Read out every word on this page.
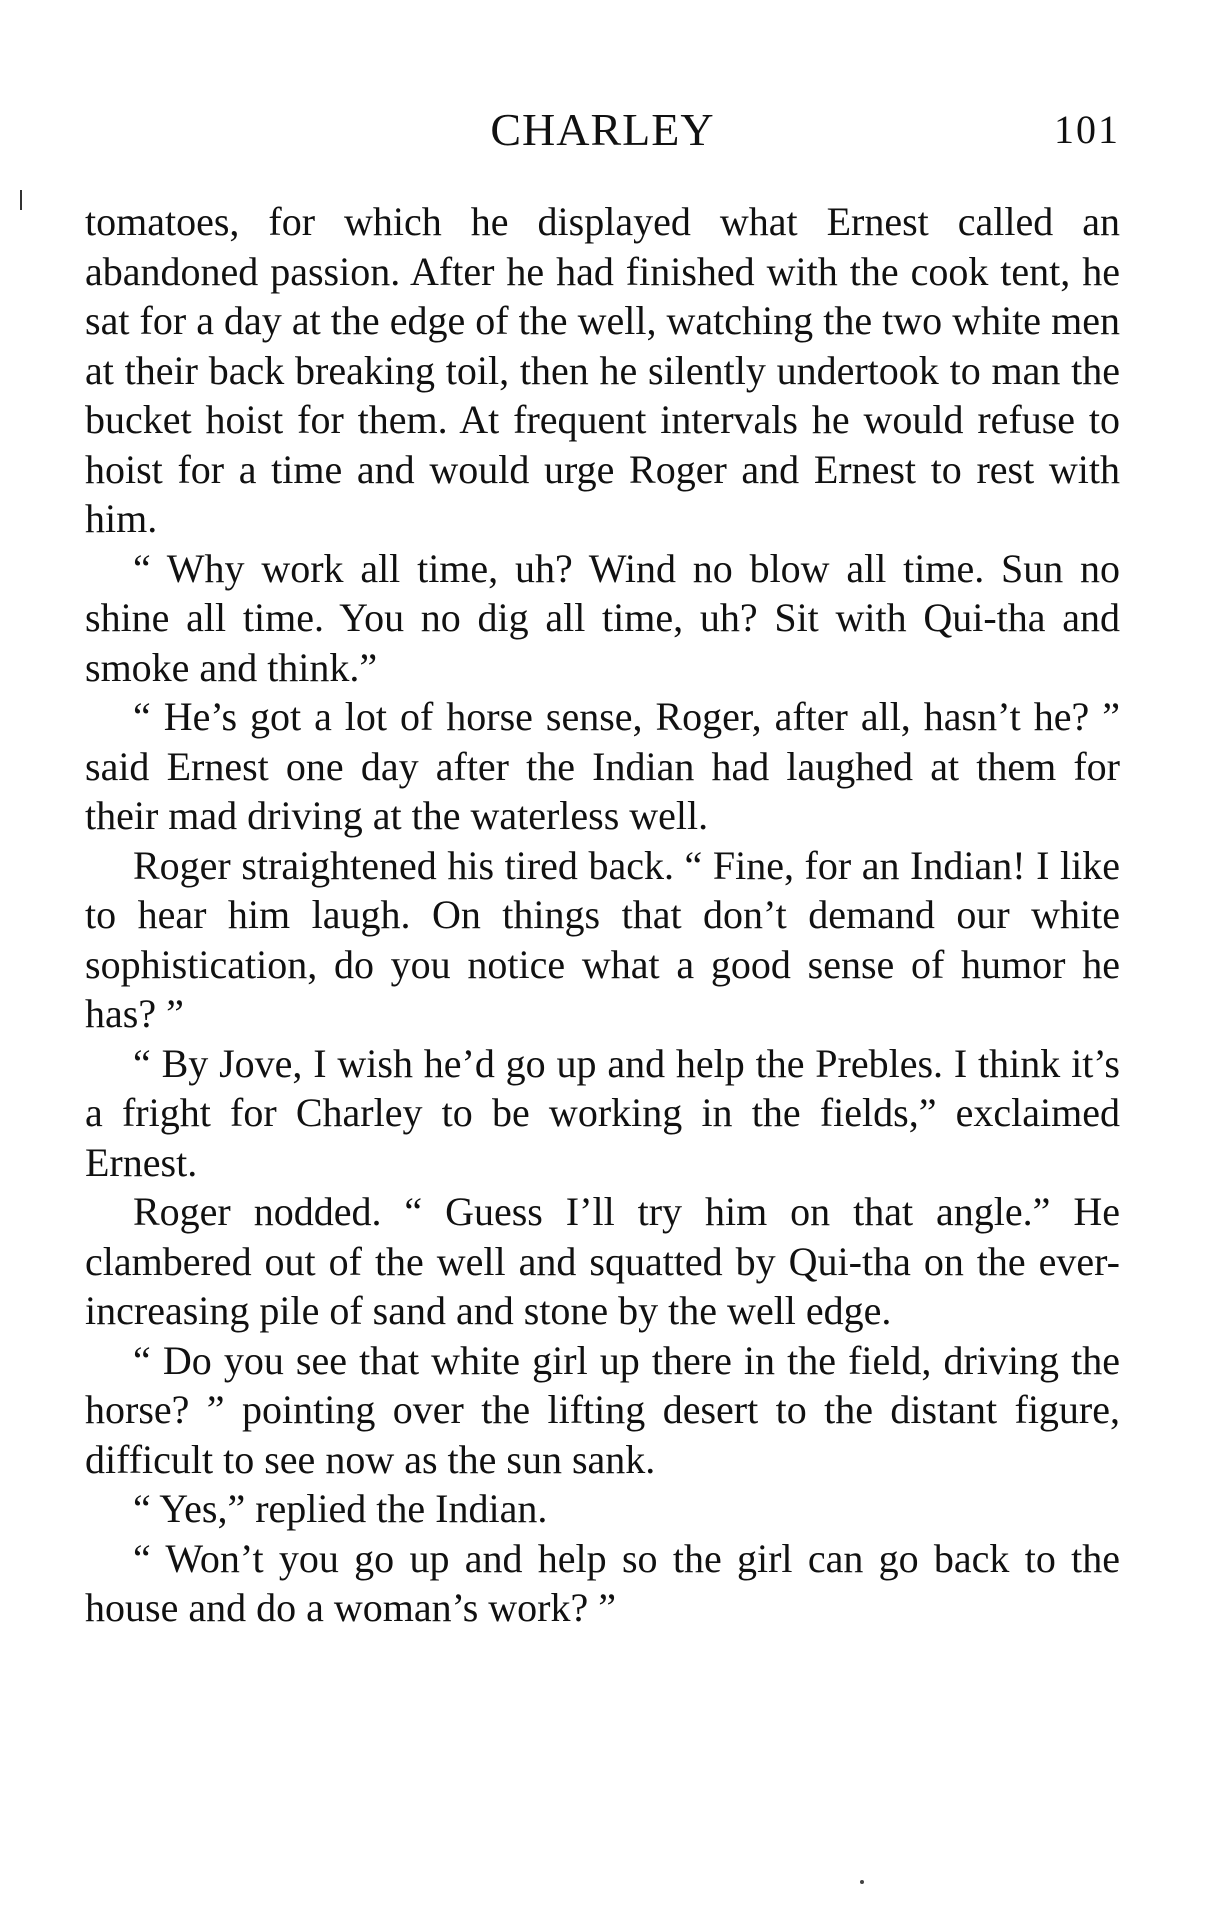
CHARLEY	101

tomatoes, for which he displayed what Ernest called an abandoned passion. After he had finished with the cook tent, he sat for a day at the edge of the well, watching the two white men at their back breaking toil, then he silently undertook to man the bucket hoist for them. At frequent intervals he would refuse to hoist for a time and would urge Roger and Ernest to rest with him.

“ Why work all time, uh? Wind no blow all time. Sun no shine all time. You no dig all time, uh? Sit with Qui-tha and smoke and think.”

“ He’s got a lot of horse sense, Roger, after all, hasn’t he? ” said Ernest one day after the Indian had laughed at them for their mad driving at the waterless well.

Roger straightened his tired back. “ Fine, for an Indian! I like to hear him laugh. On things that don’t demand our white sophistication, do you notice what a good sense of humor he has? ”

“ By Jove, I wish he’d go up and help the Prebles. I think it’s a fright for Charley to be working in the fields,” exclaimed Ernest.

Roger nodded. “ Guess I’ll try him on that angle.” He clambered out of the well and squatted by Qui-tha on the ever-increasing pile of sand and stone by the well edge.

“ Do you see that white girl up there in the field, driving the horse? ” pointing over the lifting desert to the distant figure, difficult to see now as the sun sank.

“ Yes,” replied the Indian.

“ Won’t you go up and help so the girl can go back to the house and do a woman’s work? ”
